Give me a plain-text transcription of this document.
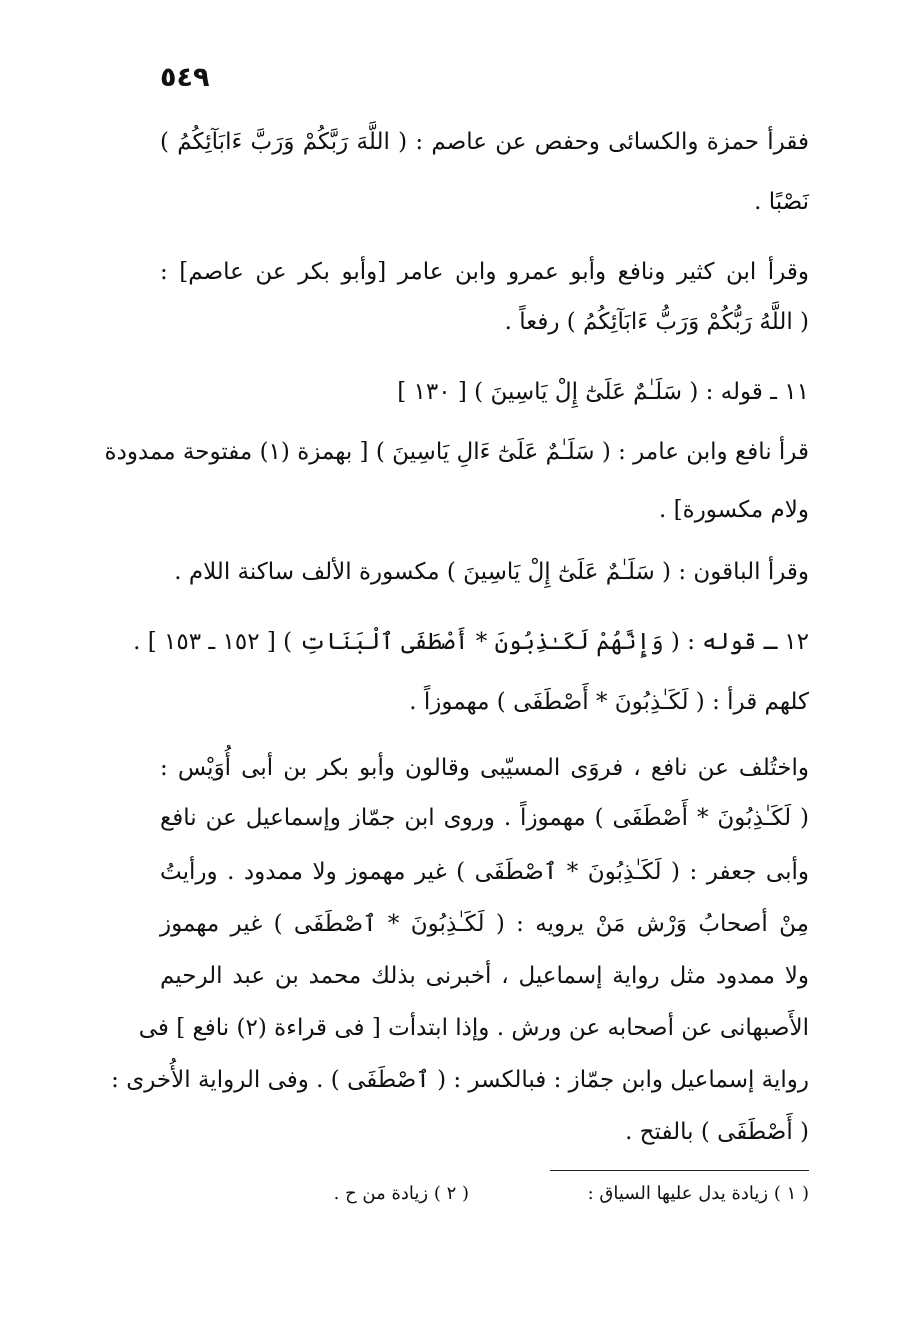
٥٤٩
فقرأ حمزة والكسائى وحفص عن عاصم : ( اللَّهَ رَبَّكُمْ وَرَبَّ ءَابَآئِكُمُ )
نَصْبًا .
وقرأ ابن كثير ونافع وأبو عمرو وابن عامر [وأبو بكر عن عاصم] :
( اللَّهُ رَبُّكُمْ وَرَبُّ ءَابَآئِكُمُ ) رفعاً .
١١ ـ قوله : ( سَلَـٰمٌ عَلَىٰٓ إِلْ يَاسِينَ ) [ ١٣٠ ]
قرأ نافع وابن عامر : ( سَلَـٰمٌ عَلَىٰٓ ءَالِ يَاسِينَ ) [ بهمزة (١) مفتوحة ممدودة
ولام مكسورة] .
وقرأ الباقون : ( سَلَـٰمٌ عَلَىٰٓ إِلْ يَاسِينَ ) مكسورة الألف ساكنة اللام .
١٢ ـ قوله : ( وَإِنَّهُمْ لَكَـٰذِبُونَ * أَصْطَفَى ٱلْبَنَاتِ ) [ ١٥٢ ـ ١٥٣ ] .
كلهم قرأ : ( لَكَـٰذِبُونَ * أَصْطَفَى ) مهموزاً .
واختُلف عن نافع ، فروَى المسيّبى وقالون وأبو بكر بن أبى أُوَيْس :
( لَكَـٰذِبُونَ * أَصْطَفَى ) مهموزاً . وروى ابن جمّاز وإسماعيل عن نافع
وأبى جعفر : ( لَكَـٰذِبُونَ * ٱصْطَفَى ) غير مهموز ولا ممدود . ورأيتُ
مِنْ أصحابُ وَرْش مَنْ يرويه : ( لَكَـٰذِبُونَ * ٱصْطَفَى ) غير مهموز
ولا ممدود مثل رواية إسماعيل ، أخبرنى بذلك محمد بن عبد الرحيم
الأَصبهانى عن أصحابه عن ورش . وإذا ابتدأت [ فى قراءة (٢) نافع ] فى
رواية إسماعيل وابن جمّاز : فبالكسر : ( ٱصْطَفَى ) . وفى الرواية الأُخرى :
( أَصْطَفَى ) بالفتح .
( ١ ) زيادة يدل عليها السياق :
( ٢ ) زيادة من ح .
